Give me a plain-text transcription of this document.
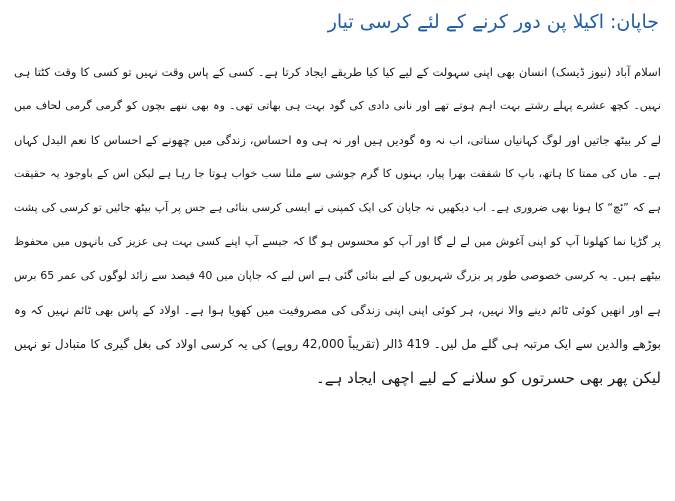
جاپان: اکیلا پن دور کرنے کے لئے کرسی تیار
اسلام آباد (نیوز ڈیسک) انسان بھی اپنی سہولت کے لیے کیا کیا طریقے ایجاد کرتا ہے۔ کسی کے پاس وقت نہیں تو کسی کا وقت کٹتا ہی
نہیں۔ کچھ عشرے پہلے رشتے بہت اہم ہوتے تھے اور نانی دادی کی گود بہت ہی بھاتی تھی۔ وہ بھی ننھے بچوں کو گرمی گرمی لحاف میں
لے کر بیٹھ جاتیں اور لوگ کہانیاں سناتی، اب نہ وہ گودیں ہیں اور نہ ہی وہ احساس، زندگی میں چھونے کے احساس کا نعم البدل کہاں
ہے۔ ماں کی ممتا کا ہاتھ، باپ کا شفقت بھرا پیار، بہنوں کا گرم جوشی سے ملنا سب خواب ہوتا جا رہا ہے لیکن اس کے باوجود یہ حقیقت
ہے کہ ”ٹچ“ کا ہونا بھی ضروری ہے۔ اب دیکھیں نہ جاپان کی ایک کمپنی نے ایسی کرسی بنائی ہے جس پر آپ بیٹھ جائیں تو کرسی کی پشت
پر گڑیا نما کھلونا آپ کو اپنی آغوش میں لے لے گا اور آپ کو محسوس ہو گا کہ جیسے آپ اپنے کسی بہت ہی عزیز کی بانہوں میں محفوظ
بیٹھے ہیں۔ یہ کرسی خصوصی طور پر بزرگ شہریوں کے لیے بنائی گئی ہے اس لیے کہ جاپان میں 40 فیصد سے زائد لوگوں کی عمر 65 برس
ہے اور انھیں کوئی ٹائم دینے والا نہیں، ہر کوئی اپنی اپنی زندگی کی مصروفیت میں کھویا ہوا ہے۔ اولاد کے پاس بھی ٹائم نہیں کہ وہ
بوڑھے والدین سے ایک مرتبہ ہی گلے مل لیں۔ 419 ڈالر (تقریباً 42,000 روپے) کی یہ کرسی اولاد کی بغل گیری کا متبادل تو نہیں
لیکن پھر بھی حسرتوں کو سلانے کے لیے اچھی ایجاد ہے۔
